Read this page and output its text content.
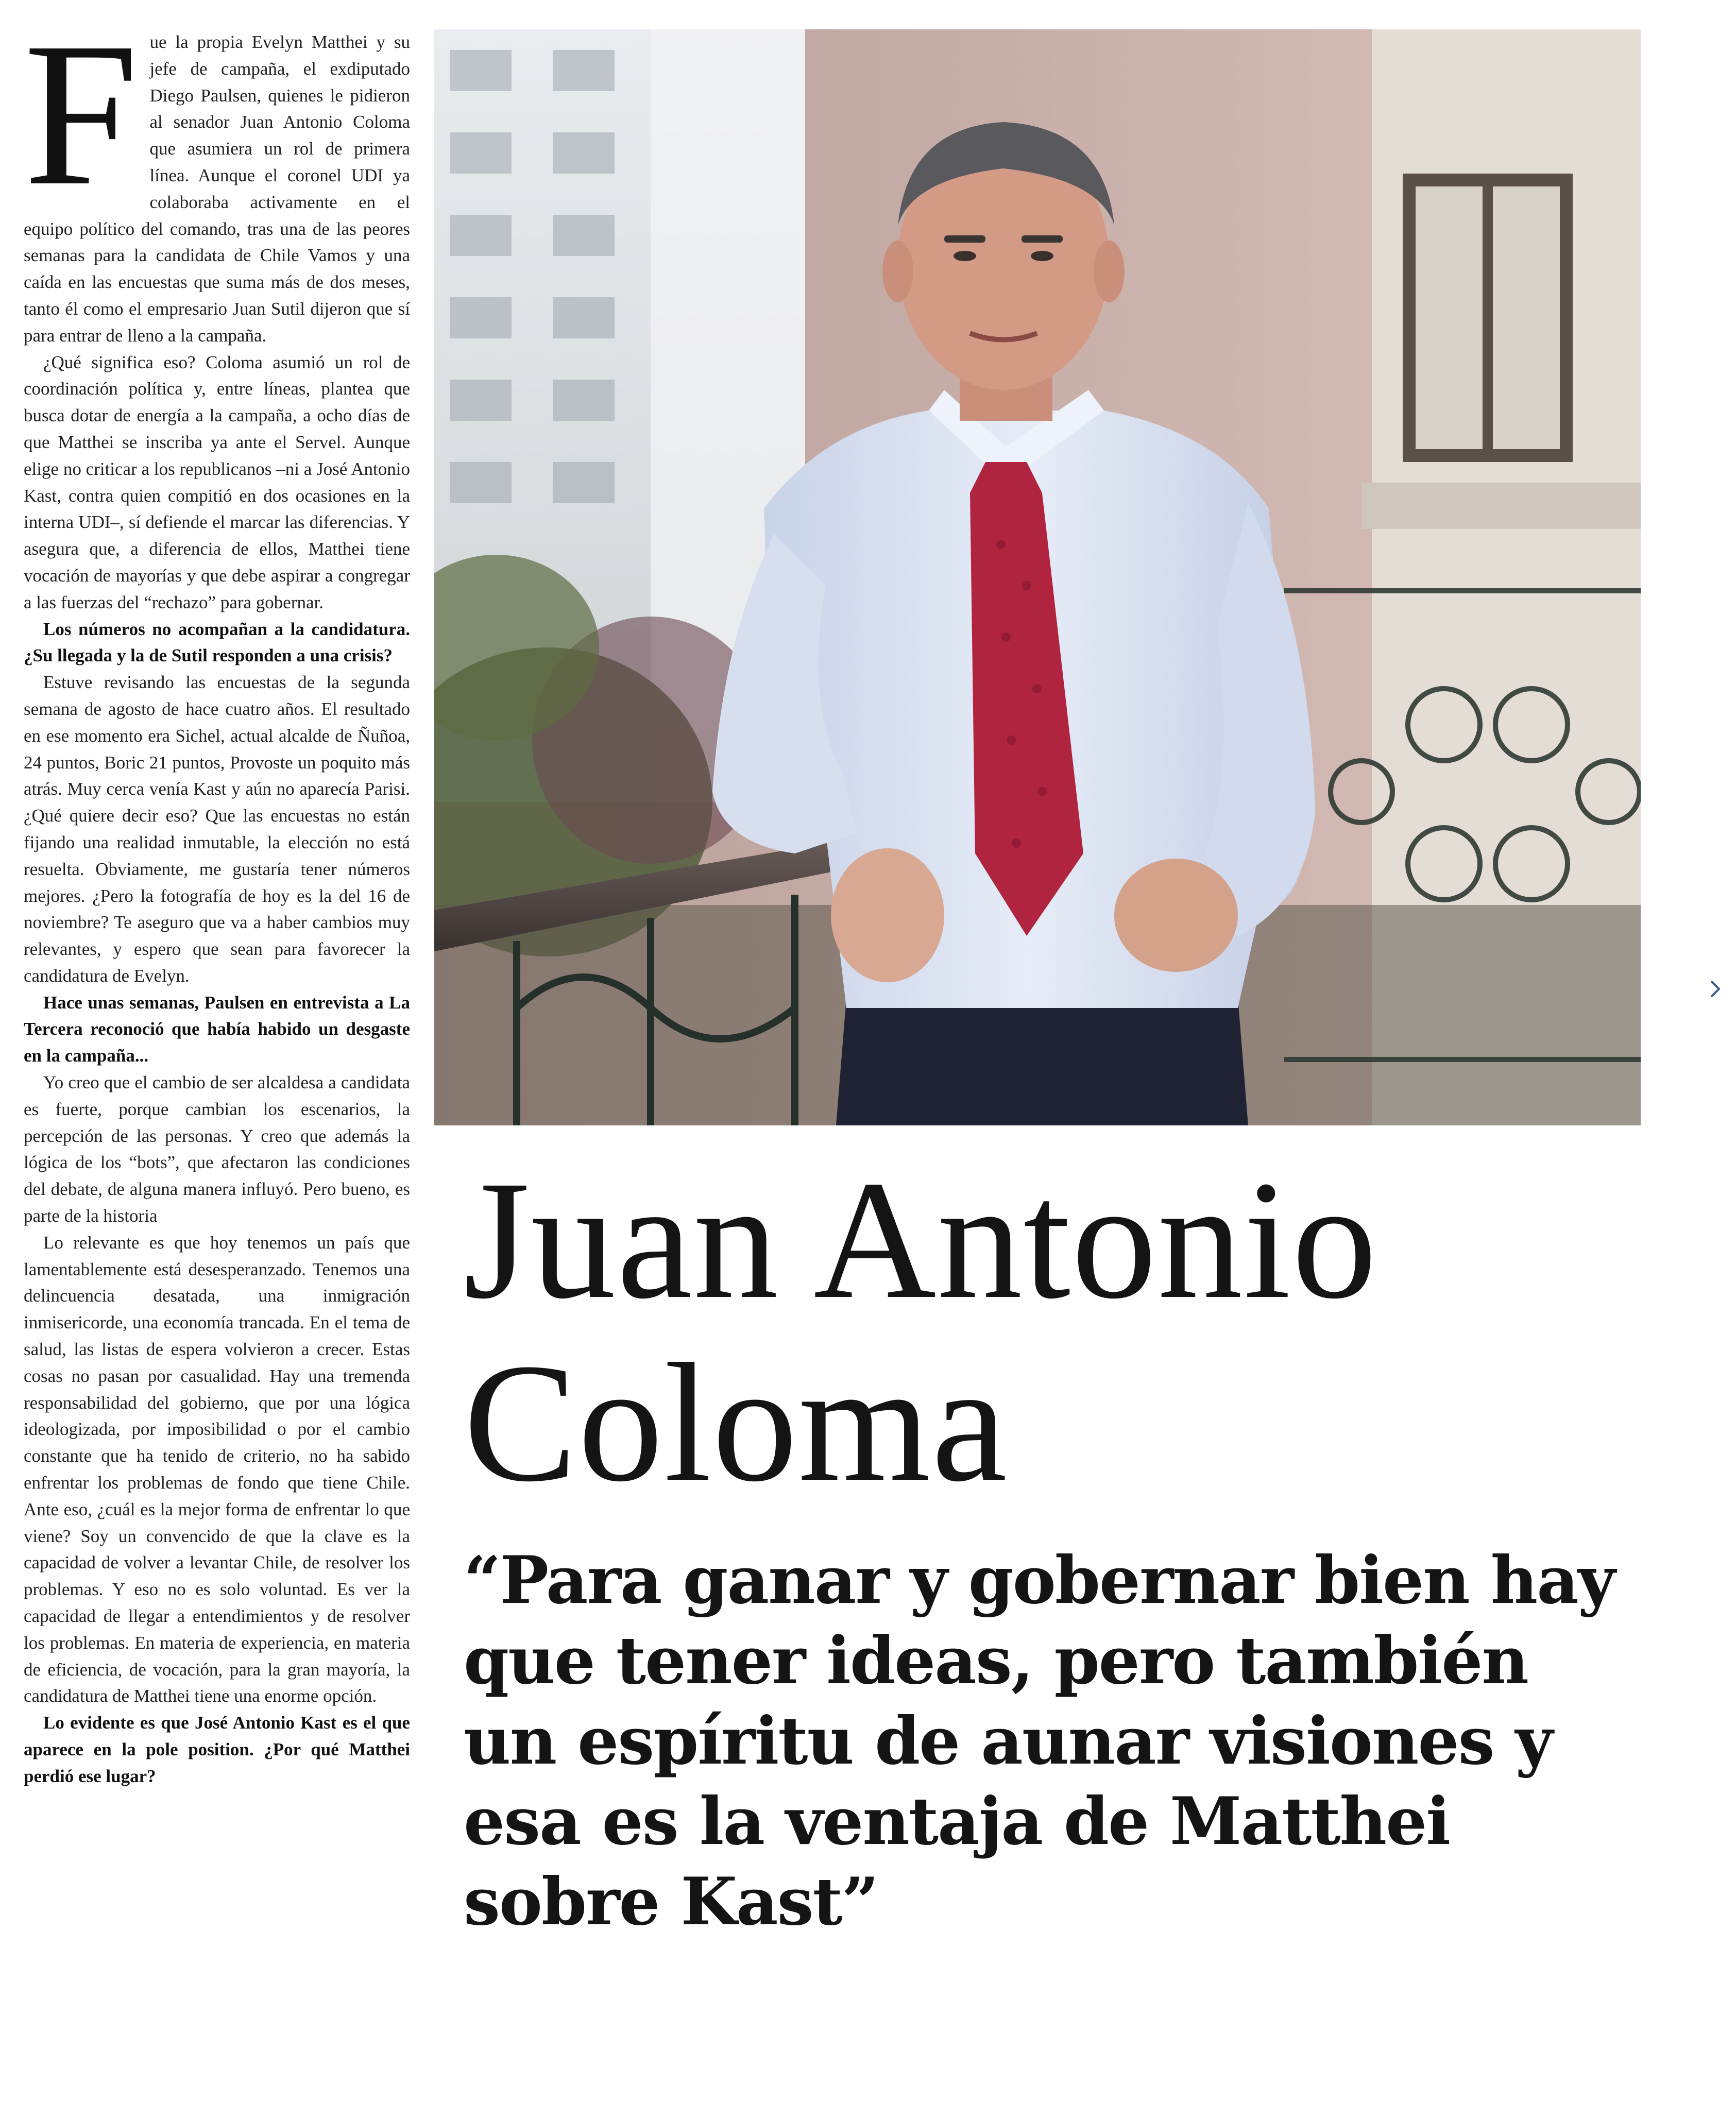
Fue la propia Evelyn Matthei y su jefe de campaña, el exdiputado Diego Paulsen, quienes le pidieron al senador Juan Antonio Coloma que asumiera un rol de primera línea. Aunque el coronel UDI ya colaboraba activamente en el equipo político del comando, tras una de las peores semanas para la candidata de Chile Vamos y una caída en las encuestas que suma más de dos meses, tanto él como el empresario Juan Sutil dijeron que sí para entrar de lleno a la campaña.

¿Qué significa eso? Coloma asumió un rol de coordinación política y, entre líneas, plantea que busca dotar de energía a la campaña, a ocho días de que Matthei se inscriba ya ante el Servel. Aunque elige no criticar a los republicanos –ni a José Antonio Kast, contra quien compitió en dos ocasiones en la interna UDI–, sí defiende el marcar las diferencias. Y asegura que, a diferencia de ellos, Matthei tiene vocación de mayorías y que debe aspirar a congregar a las fuerzas del “rechazo” para gobernar.

Los números no acompañan a la candidatura. ¿Su llegada y la de Sutil responden a una crisis?

Estuve revisando las encuestas de la segunda semana de agosto de hace cuatro años. El resultado en ese momento era Sichel, actual alcalde de Ñuñoa, 24 puntos, Boric 21 puntos, Provoste un poquito más atrás. Muy cerca venía Kast y aún no aparecía Parisi. ¿Qué quiere decir eso? Que las encuestas no están fijando una realidad inmutable, la elección no está resuelta. Obviamente, me gustaría tener números mejores. ¿Pero la fotografía de hoy es la del 16 de noviembre? Te aseguro que va a haber cambios muy relevantes, y espero que sean para favorecer la candidatura de Evelyn.

Hace unas semanas, Paulsen en entrevista a La Tercera reconoció que había habido un desgaste en la campaña...

Yo creo que el cambio de ser alcaldesa a candidata es fuerte, porque cambian los escenarios, la percepción de las personas. Y creo que además la lógica de los “bots”, que afectaron las condiciones del debate, de alguna manera influyó. Pero bueno, es parte de la historia

Lo relevante es que hoy tenemos un país que lamentablemente está desesperanzado. Tenemos una delincuencia desatada, una inmigración inmisericorde, una economía trancada. En el tema de salud, las listas de espera volvieron a crecer. Estas cosas no pasan por casualidad. Hay una tremenda responsabilidad del gobierno, que por una lógica ideologizada, por imposibilidad o por el cambio constante que ha tenido de criterio, no ha sabido enfrentar los problemas de fondo que tiene Chile. Ante eso, ¿cuál es la mejor forma de enfrentar lo que viene? Soy un convencido de que la clave es la capacidad de volver a levantar Chile, de resolver los problemas. Y eso no es solo voluntad. Es ver la capacidad de llegar a entendimientos y de resolver los problemas. En materia de experiencia, en materia de eficiencia, de vocación, para la gran mayoría, la candidatura de Matthei tiene una enorme opción.

Lo evidente es que José Antonio Kast es el que aparece en la pole position. ¿Por qué Matthei perdió ese lugar?

Juan Antonio
Coloma

“Para ganar y gobernar bien hay que tener ideas, pero también un espíritu de aunar visiones y esa es la ventaja de Matthei sobre Kast”
